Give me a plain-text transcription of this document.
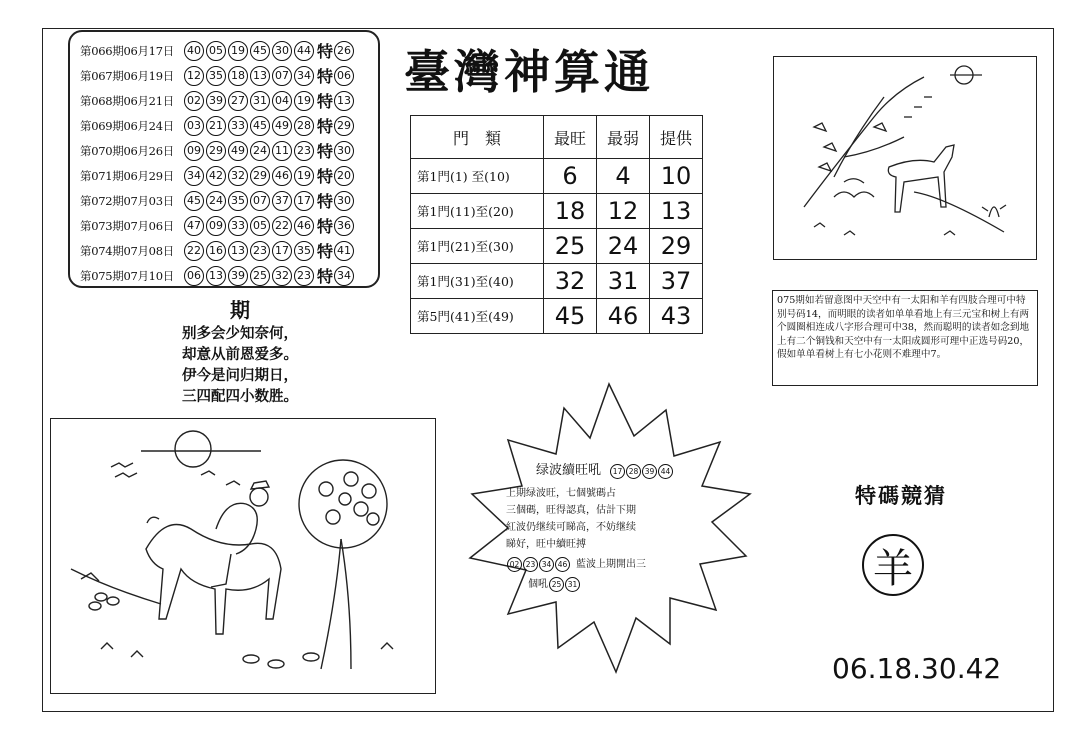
第066期06月17日	40 05 19 45 30 44 特 26
第067期06月19日	12 35 18 13 07 34 特 06
第068期06月21日	02 39 27 31 04 19 特 13
第069期06月24日	03 21 33 45 49 28 特 29
第070期06月26日	09 29 49 24 11 23 特 30
第071期06月29日	34 42 32 29 46 19 特 20
第072期07月03日	45 24 35 07 37 17 特 30
第073期07月06日	47 09 33 05 22 46 特 36
第074期07月08日	22 16 13 23 17 35 特 41
第075期07月10日	06 13 39 25 32 23 特 34
臺灣神算通
門　類	最旺	最弱	提供
第1門(1) 至(10)	6	4	10
第1門(11)至(20)	18	12	13
第1門(21)至(30)	25	24	29
第1門(31)至(40)	32	31	37
第5門(41)至(49)	45	46	43
期
别多会少知奈何，
却意从前恩爱多。
伊今是问归期日，
三四配四小数胜。
075期如若留意图中天空中有一太阳和羊有四肢合理可中特别号码14，而明眼的读者如单单看地上有三元宝和树上有两个圆圈相连成八字形合理可中38，然而聪明的读者如念到地上有二个铜钱和天空中有一太阳成圆形可理中正选号码20，假如单单看树上有七小花则不难理中7。
绿波續旺吼	17 28 39 44
上期绿波旺，七個號碼占
三個碼，旺得認真，估計下期
紅波仍继续可睇高，不妨继续
睇好，旺中續旺搏
02 23 34 46 藍波上期開出三
個吼 25 31
特碼競猜
羊
06.18.30.42
